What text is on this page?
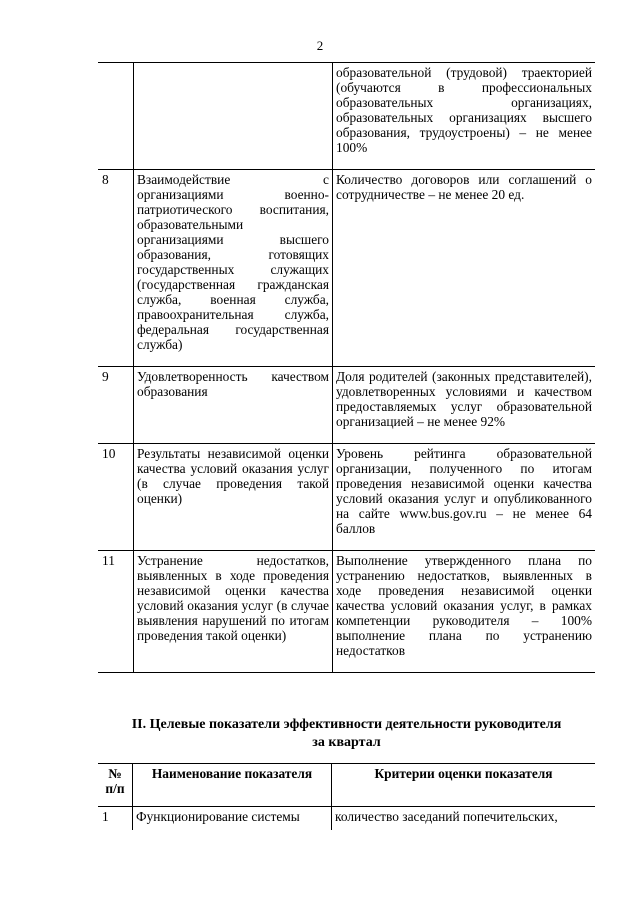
2
		образовательной (трудовой) траекторией (обучаются в профессиональных образовательных организациях, образовательных организациях высшего образования, трудоустроены) – не менее 100%
8	Взаимодействие с организациями военно-патриотического воспитания, образовательными организациями высшего образования, готовящих государственных служащих (государственная гражданская служба, военная служба, правоохранительная служба, федеральная государственная служба)	Количество договоров или соглашений о сотрудничестве – не менее 20 ед.
9	Удовлетворенность качеством образования	Доля родителей (законных представителей), удовлетворенных условиями и качеством предоставляемых услуг образовательной организацией – не менее 92%
10	Результаты независимой оценки качества условий оказания услуг (в случае проведения такой оценки)	Уровень рейтинга образовательной организации, полученного по итогам проведения независимой оценки качества условий оказания услуг и опубликованного на сайте www.bus.gov.ru – не менее 64 баллов
11	Устранение недостатков, выявленных в ходе проведения независимой оценки качества условий оказания услуг (в случае выявления нарушений по итогам проведения такой оценки)	Выполнение утвержденного плана по устранению недостатков, выявленных в ходе проведения независимой оценки качества условий оказания услуг, в рамках компетенции руководителя – 100% выполнение плана по устранению недостатков
II. Целевые показатели эффективности деятельности руководителя
за квартал
№ п/п	Наименование показателя	Критерии оценки показателя
1	Функционирование системы	количество заседаний попечительских,
